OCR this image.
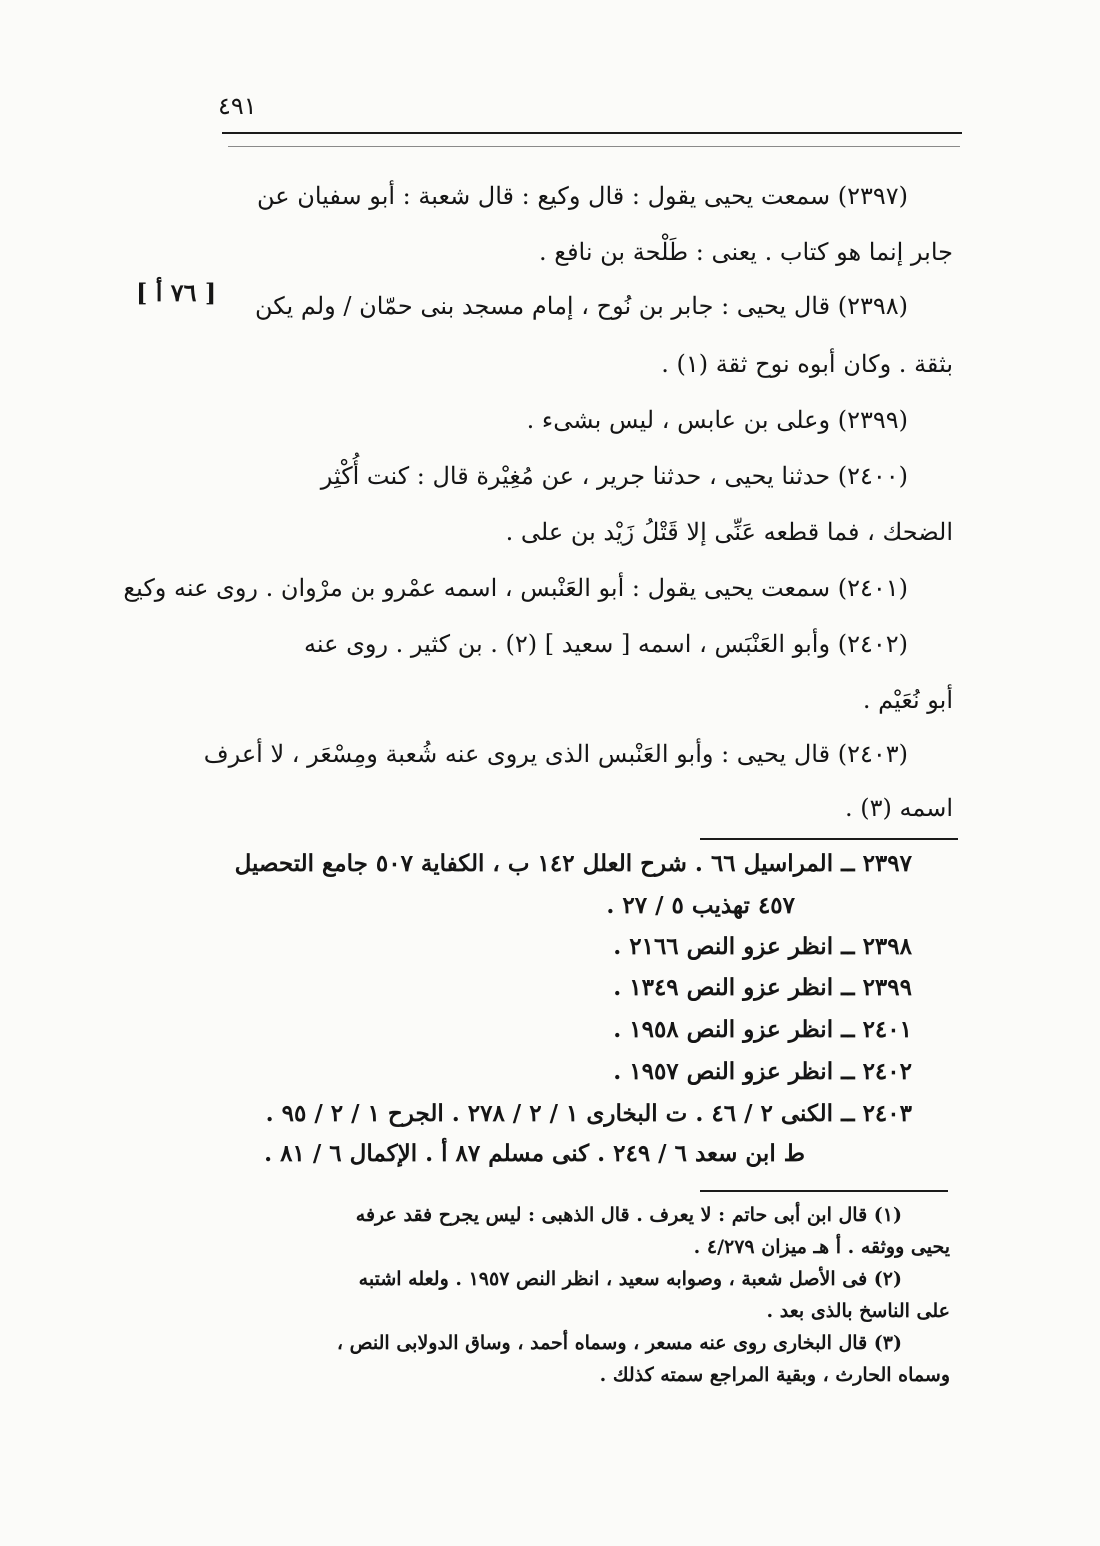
٤٩١
[ ٧٦ أ ]
(٢٣٩٧) سمعت يحيى يقول : قال وكيع : قال شعبة : أبو سفيان عن
جابر إنما هو كتاب . يعنى : طَلْحة بن نافع .
(٢٣٩٨) قال يحيى : جابر بن نُوح ، إمام مسجد بنى حمّان / ولم يكن
بثقة . وكان أبوه نوح ثقة (١) .
(٢٣٩٩) وعلى بن عابس ، ليس بشىء .
(٢٤٠٠) حدثنا يحيى ، حدثنا جرير ، عن مُغِيْرة قال : كنت أُكْثِر
الضحك ، فما قطعه عَنِّى إلا قَتْلُ زَيْد بن على .
(٢٤٠١) سمعت يحيى يقول : أبو العَنْبس ، اسمه عمْرو بن مرْوان . روى عنه وكيع
(٢٤٠٢) وأبو العَنْبَس ، اسمه [ سعيد ] (٢) . بن كثير . روى عنه
أبو نُعَيْم .
(٢٤٠٣) قال يحيى : وأبو العَنْبس الذى يروى عنه شُعبة ومِسْعَر ، لا أعرف
اسمه (٣) .
٢٣٩٧ ــ المراسيل ٦٦ . شرح العلل ١٤٢ ب ، الكفاية ٥٠٧ جامع التحصيل
٤٥٧ تهذيب ٥ / ٢٧ .
٢٣٩٨ ــ انظر عزو النص ٢١٦٦ .
٢٣٩٩ ــ انظر عزو النص ١٣٤٩ .
٢٤٠١ ــ انظر عزو النص ١٩٥٨ .
٢٤٠٢ ــ انظر عزو النص ١٩٥٧ .
٢٤٠٣ ــ الكنى ٢ / ٤٦ . ت البخارى ١ / ٢ / ٢٧٨ . الجرح ١ / ٢ / ٩٥ .
ط ابن سعد ٦ / ٢٤٩ . كنى مسلم ٨٧ أ . الإكمال ٦ / ٨١ .
(١) قال ابن أبى حاتم : لا يعرف . قال الذهبى : ليس يجرح فقد عرفه
يحيى ووثقه . أ هـ ميزان ٤/٢٧٩ .
(٢) فى الأصل شعبة ، وصوابه سعيد ، انظر النص ١٩٥٧ . ولعله اشتبه
على الناسخ بالذى بعد .
(٣) قال البخارى روى عنه مسعر ، وسماه أحمد ، وساق الدولابى النص ،
وسماه الحارث ، وبقية المراجع سمته كذلك .
